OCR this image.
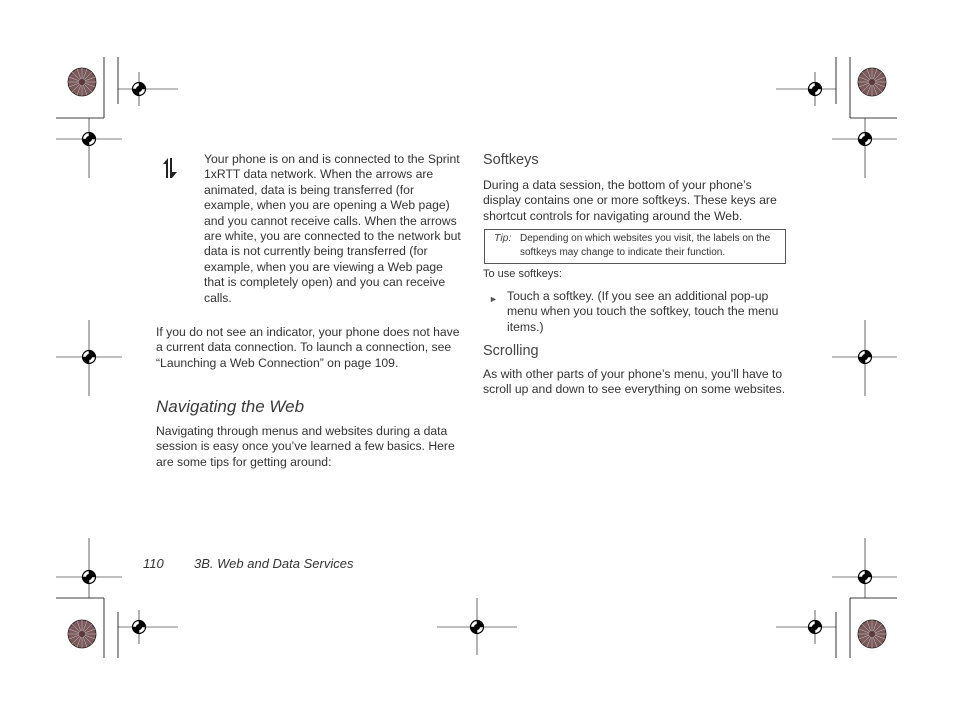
Your phone is on and is connected to the Sprint 1xRTT data network. When the arrows are animated, data is being transferred (for example, when you are opening a Web page) and you cannot receive calls. When the arrows are white, you are connected to the network but data is not currently being transferred (for example, when you are viewing a Web page that is completely open) and you can receive calls.
If you do not see an indicator, your phone does not have a current data connection. To launch a connection, see “Launching a Web Connection” on page 109.
Navigating the Web
Navigating through menus and websites during a data session is easy once you’ve learned a few basics. Here are some tips for getting around:
Softkeys
During a data session, the bottom of your phone’s display contains one or more softkeys. These keys are shortcut controls for navigating around the Web.
Tip: Depending on which websites you visit, the labels on the softkeys may change to indicate their function.
To use softkeys:
► Touch a softkey. (If you see an additional pop-up menu when you touch the softkey, touch the menu items.)
Scrolling
As with other parts of your phone’s menu, you’ll have to scroll up and down to see everything on some websites.
110 3B. Web and Data Services
